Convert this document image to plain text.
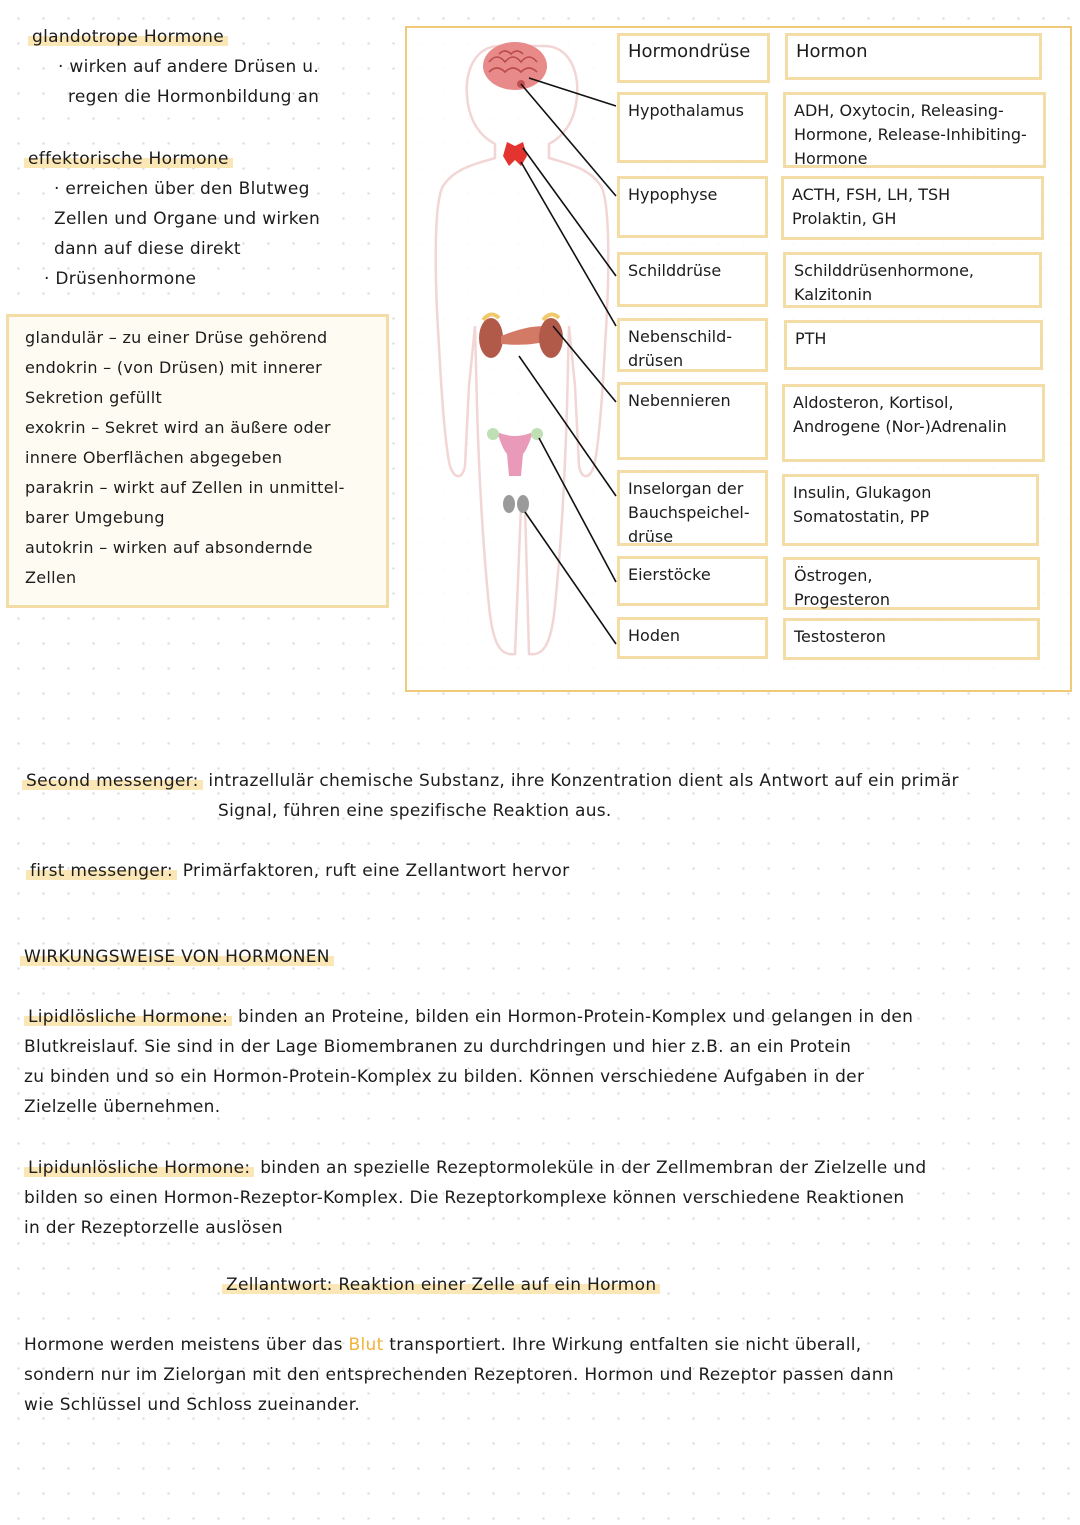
glandotrope Hormone
· wirken auf andere Drüsen u.
regen die Hormonbildung an
effektorische Hormone
· erreichen über den Blutweg
Zellen und Organe und wirken
dann auf diese direkt
· Drüsenhormone
glandulär – zu einer Drüse gehörend
endokrin – (von Drüsen) mit innerer
Sekretion gefüllt
exokrin – Sekret wird an äußere oder
innere Oberflächen abgegeben
parakrin – wirkt auf Zellen in unmittel-
barer Umgebung
autokrin – wirken auf absondernde
Zellen
Hormondrüse	Hormon
Hypothalamus
Hypophyse
Schilddrüse
Nebenschild-drüsen
Nebennieren
Inselorgan der Bauchspeichel-drüse
Eierstöcke
Hoden
ADH, Oxytocin, Releasing-Hormone, Release-Inhibiting-Hormone
ACTH, FSH, LH, TSH Prolaktin, GH
Schilddrüsenhormone, Kalzitonin
PTH
Aldosteron, Kortisol, Androgene (Nor-)Adrenalin
Insulin, Glukagon Somatostatin, PP
Östrogen, Progesteron
Testosteron
Second messenger: intrazellulär chemische Substanz, ihre Konzentration dient als Antwort auf ein primär
Signal, führen eine spezifische Reaktion aus.
first messenger: Primärfaktoren, ruft eine Zellantwort hervor
WIRKUNGSWEISE VON HORMONEN
Lipidlösliche Hormone: binden an Proteine, bilden ein Hormon-Protein-Komplex und gelangen in den
Blutkreislauf. Sie sind in der Lage Biomembranen zu durchdringen und hier z.B. an ein Protein
zu binden und so ein Hormon-Protein-Komplex zu bilden. Können verschiedene Aufgaben in der
Zielzelle übernehmen.
Lipidunlösliche Hormone: binden an spezielle Rezeptormoleküle in der Zellmembran der Zielzelle und
bilden so einen Hormon-Rezeptor-Komplex. Die Rezeptorkomplexe können verschiedene Reaktionen
in der Rezeptorzelle auslösen
Zellantwort: Reaktion einer Zelle auf ein Hormon
Hormone werden meistens über das Blut transportiert. Ihre Wirkung entfalten sie nicht überall,
sondern nur im Zielorgan mit den entsprechenden Rezeptoren. Hormon und Rezeptor passen dann
wie Schlüssel und Schloss zueinander.
